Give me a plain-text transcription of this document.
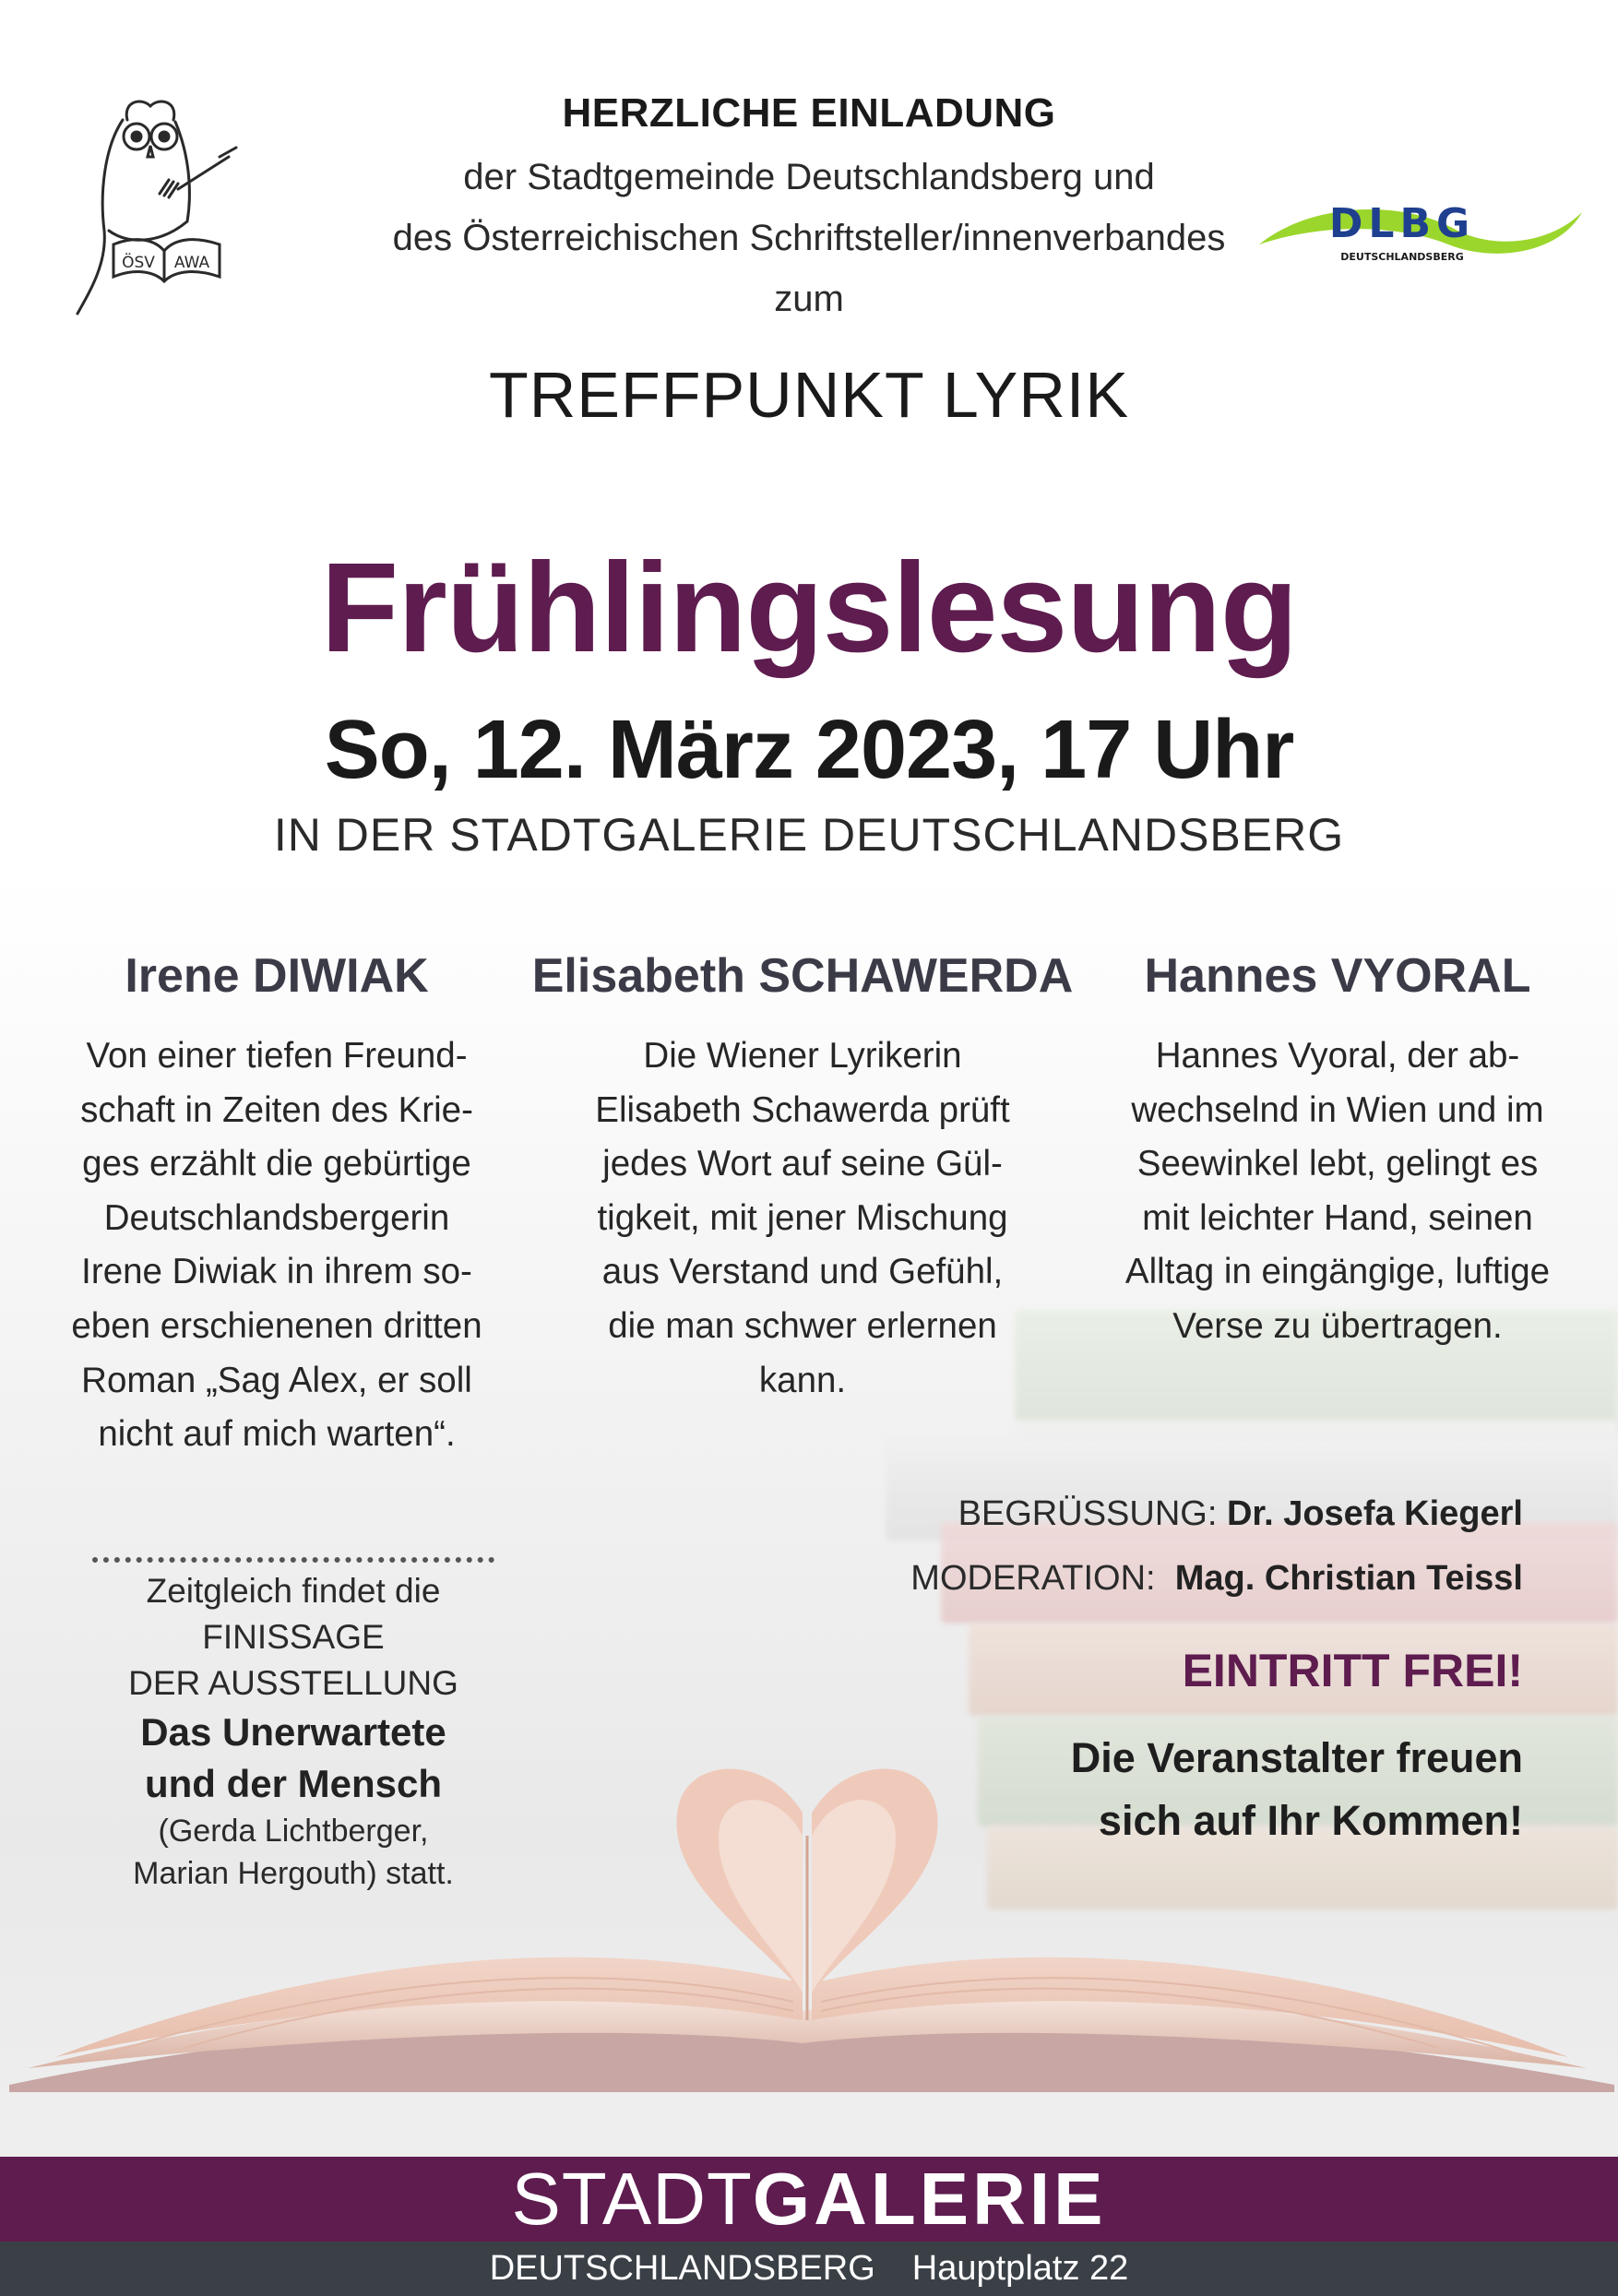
ÖSV AWA
DLBG
DEUTSCHLANDSBERG
HERZLICHE EINLADUNG
der Stadtgemeinde Deutschlandsberg und
des Österreichischen Schriftsteller/innenverbandes
zum
TREFFPUNKT LYRIK
Frühlingslesung
So, 12. März 2023, 17 Uhr
IN DER STADTGALERIE DEUTSCHLANDSBERG
Irene DIWIAK
Von einer tiefen Freund-
schaft in Zeiten des Krie-
ges erzählt die gebürtige
Deutschlandsbergerin
Irene Diwiak in ihrem so-
eben erschienenen dritten
Roman „Sag Alex, er soll
nicht auf mich warten“.
Elisabeth SCHAWERDA
Die Wiener Lyrikerin
Elisabeth Schawerda prüft
jedes Wort auf seine Gül-
tigkeit, mit jener Mischung
aus Verstand und Gefühl,
die man schwer erlernen
kann.
Hannes VYORAL
Hannes Vyoral, der ab-
wechselnd in Wien und im
Seewinkel lebt, gelingt es
mit leichter Hand, seinen
Alltag in eingängige, luftige
Verse zu übertragen.
Zeitgleich findet die
FINISSAGE
DER AUSSTELLUNG
Das Unerwartete
und der Mensch
(Gerda Lichtberger,
Marian Hergouth) statt.
BEGRÜSSUNG: Dr. Josefa Kiegerl
MODERATION: Mag. Christian Teissl
EINTRITT FREI!
Die Veranstalter freuen
sich auf Ihr Kommen!
STADTGALERIE
DEUTSCHLANDSBERG Hauptplatz 22
